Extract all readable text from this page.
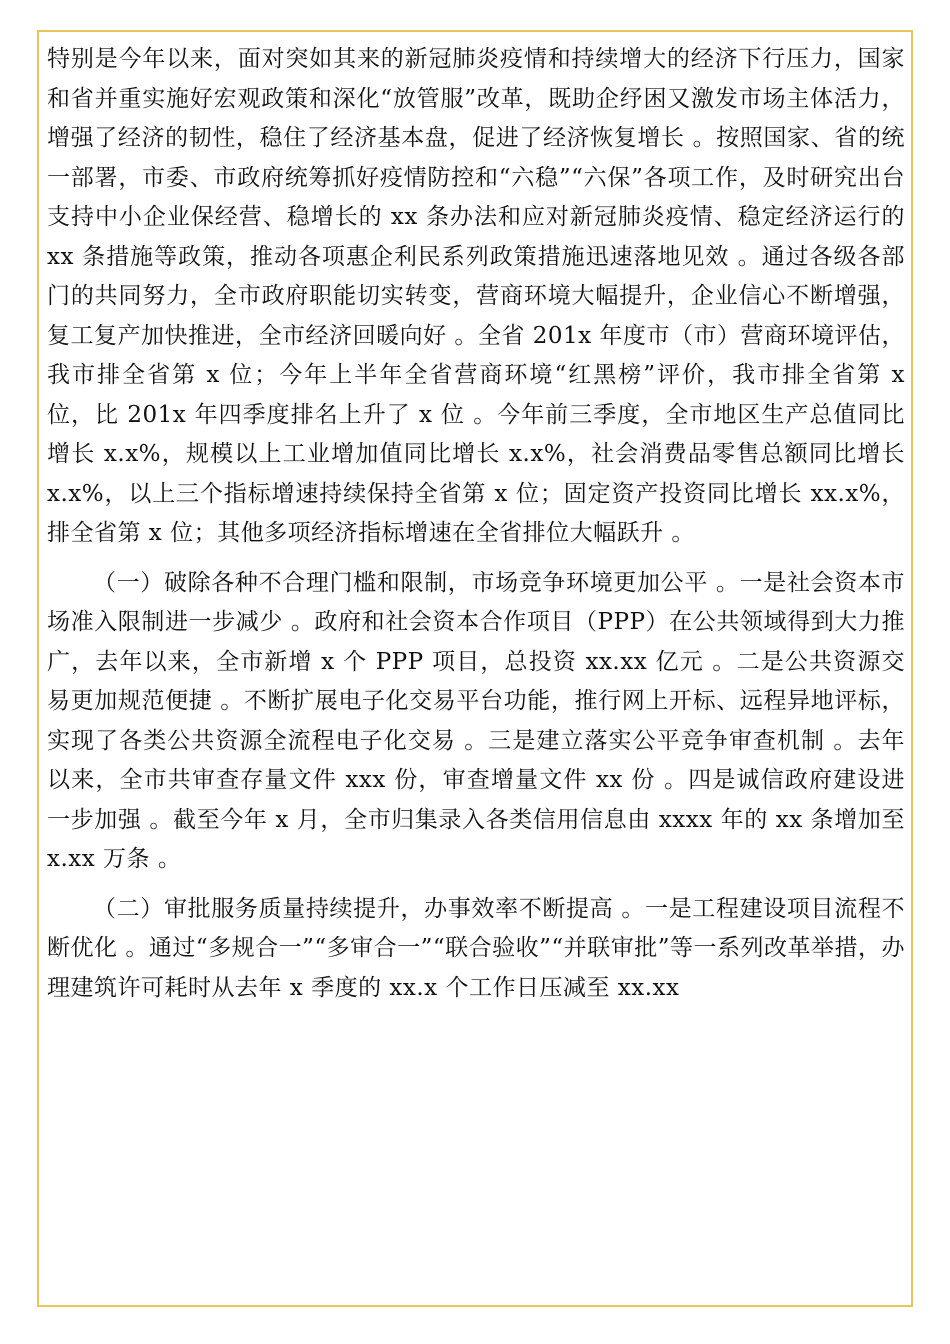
特别是今年以来，面对突如其来的新冠肺炎疫情和持续增大的经济下行压力，国家和省并重实施好宏观政策和深化“放管服”改革，既助企纾困又激发市场主体活力，增强了经济的韧性，稳住了经济基本盘，促进了经济恢复增长 。按照国家、省的统一部署，市委、市政府统筹抓好疫情防控和“六稳”“六保”各项工作，及时研究出台支持中小企业保经营、稳增长的 xx 条办法和应对新冠肺炎疫情、稳定经济运行的 xx 条措施等政策，推动各项惠企利民系列政策措施迅速落地见效 。通过各级各部门的共同努力，全市政府职能切实转变，营商环境大幅提升，企业信心不断增强，复工复产加快推进，全市经济回暖向好 。全省 201x 年度市（市）营商环境评估，我市排全省第 x 位；今年上半年全省营商环境“红黑榜”评价，我市排全省第 x 位，比 201x 年四季度排名上升了 x 位 。今年前三季度，全市地区生产总值同比增长 x.x%，规模以上工业增加值同比增长 x.x%，社会消费品零售总额同比增长 x.x%，以上三个指标增速持续保持全省第 x 位；固定资产投资同比增长 xx.x%，排全省第 x 位；其他多项经济指标增速在全省排位大幅跃升 。

（一）破除各种不合理门槛和限制，市场竞争环境更加公平 。一是社会资本市场准入限制进一步减少 。政府和社会资本合作项目（PPP）在公共领域得到大力推广，去年以来，全市新增 x 个 PPP 项目，总投资 xx.xx 亿元 。二是公共资源交易更加规范便捷 。不断扩展电子化交易平台功能，推行网上开标、远程异地评标，实现了各类公共资源全流程电子化交易 。三是建立落实公平竞争审查机制 。去年以来，全市共审查存量文件 xxx 份，审查增量文件 xx 份 。四是诚信政府建设进一步加强 。截至今年 x 月，全市归集录入各类信用信息由 xxxx 年的 xx 条增加至 x.xx 万条 。

（二）审批服务质量持续提升，办事效率不断提高 。一是工程建设项目流程不断优化 。通过“多规合一”“多审合一”“联合验收”“并联审批”等一系列改革举措，办理建筑许可耗时从去年 x 季度的 xx.x 个工作日压减至 xx.xx
